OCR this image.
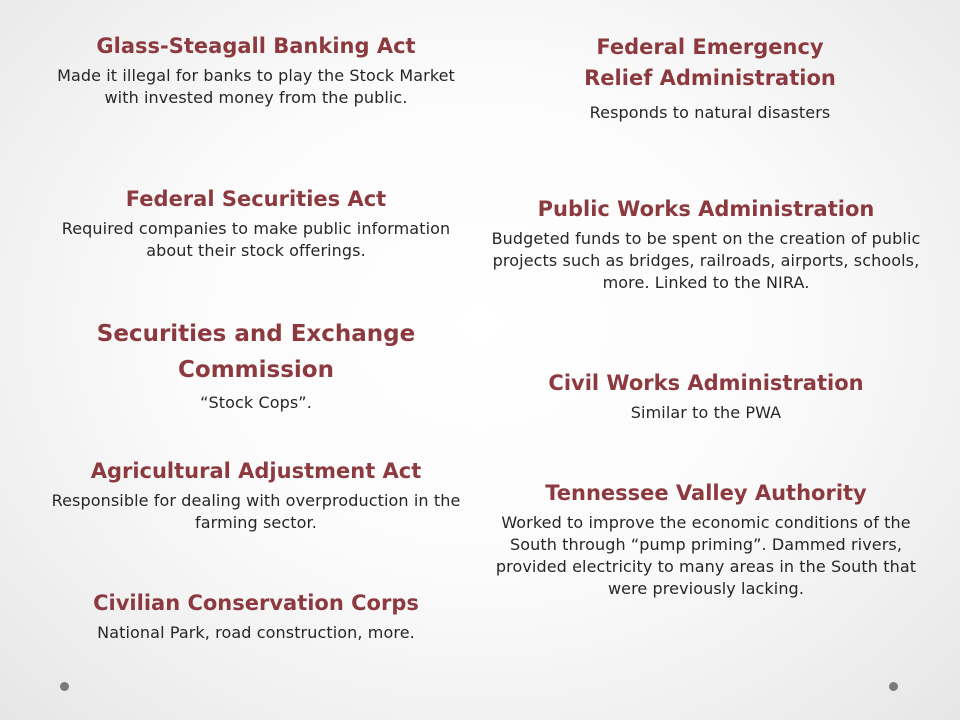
Glass-Steagall Banking Act

Made it illegal for banks to play the Stock Market with invested money from the public.

Federal Securities Act

Required companies to make public information about their stock offerings.

Securities and Exchange Commission

“Stock Cops”.

Agricultural Adjustment Act

Responsible for dealing with overproduction in the farming sector.

Civilian Conservation Corps

National Park, road construction, more.

Federal Emergency Relief Administration

Responds to natural disasters

Public Works Administration

Budgeted funds to be spent on the creation of public projects such as bridges, railroads, airports, schools, more. Linked to the NIRA.

Civil Works Administration

Similar to the PWA

Tennessee Valley Authority

Worked to improve the economic conditions of the South through “pump priming”. Dammed rivers, provided electricity to many areas in the South that were previously lacking.
